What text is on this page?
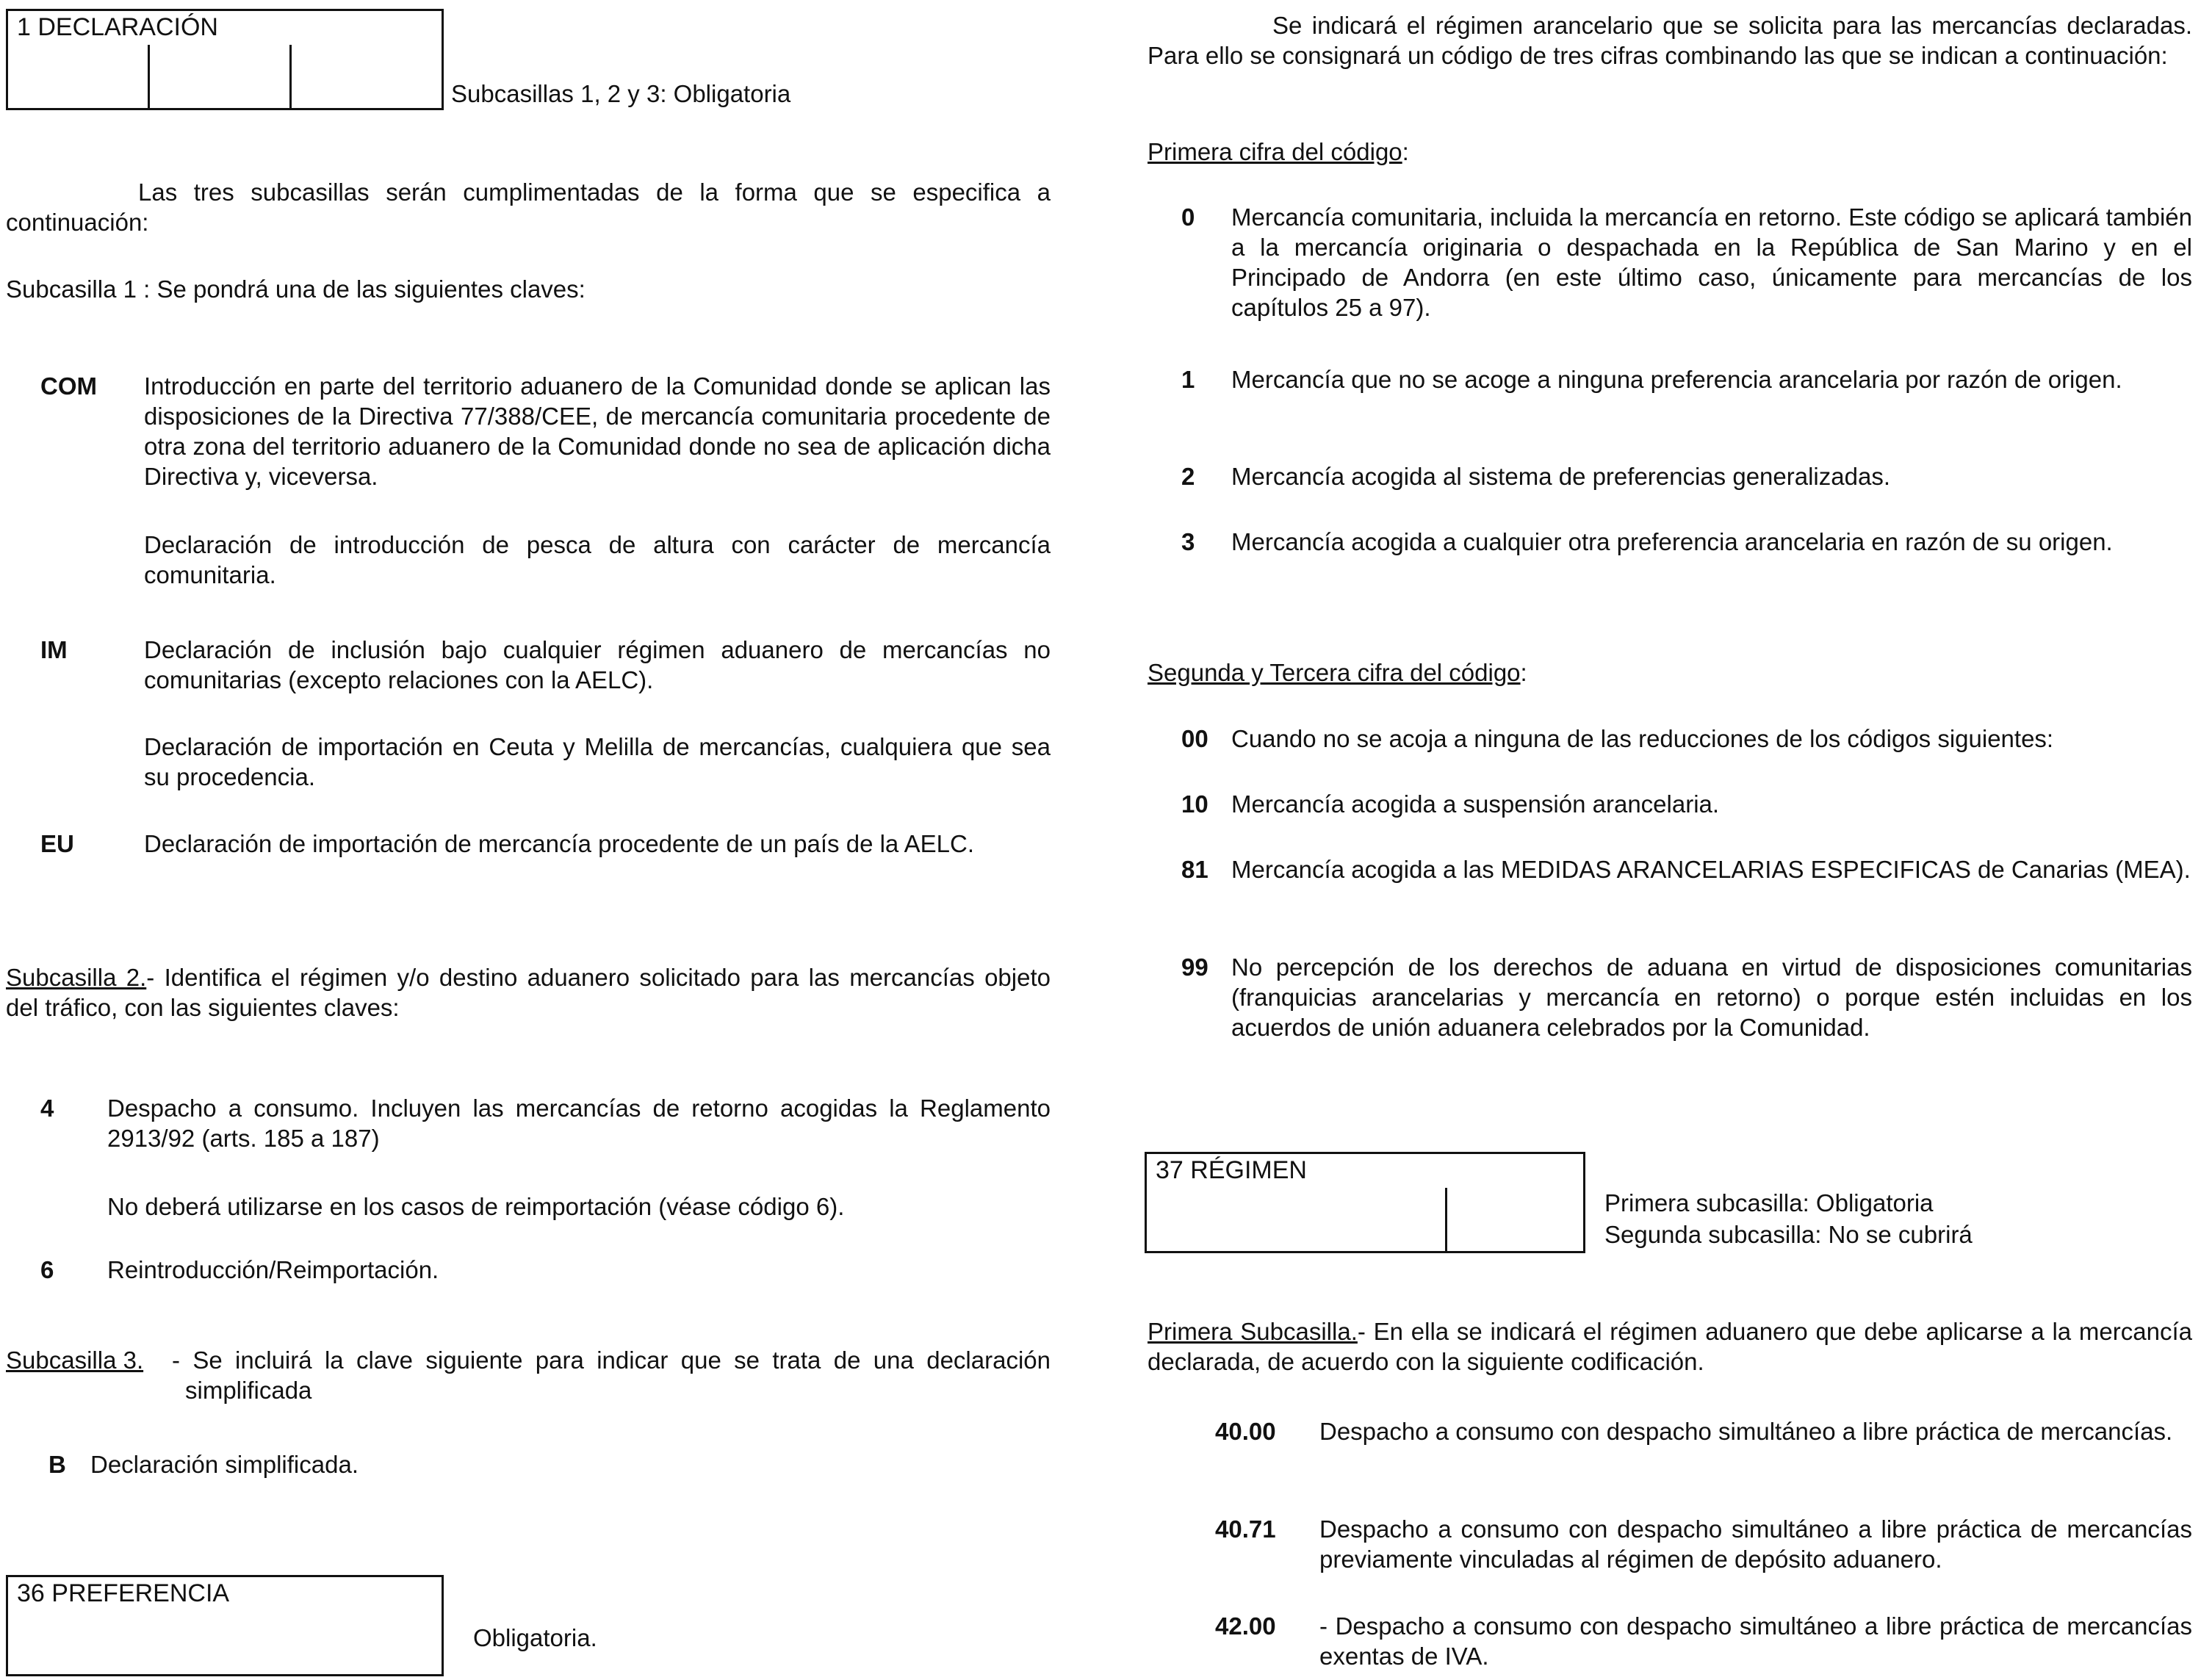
1 DECLARACIÓN
Subcasillas 1, 2 y 3: Obligatoria
Las tres subcasillas serán cumplimentadas de la forma que se especifica a continuación:
Subcasilla 1 : Se pondrá una de las siguientes claves:
COM Introducción en parte del territorio aduanero de la Comunidad donde se aplican las disposiciones de la Directiva 77/388/CEE, de mercancía comunitaria procedente de otra zona del territorio aduanero de la Comunidad donde no sea de aplicación dicha Directiva y, viceversa.
Declaración de introducción de pesca de altura con carácter de mercancía comunitaria.
IM	Declaración de inclusión bajo cualquier régimen aduanero de mercancías no comunitarias (excepto relaciones con la AELC).
Declaración de importación en Ceuta y Melilla de mercancías, cualquiera que sea su procedencia.
EU	Declaración de importación de mercancía procedente de un país de la AELC.
Subcasilla 2.- Identifica el régimen y/o destino aduanero solicitado para las mercancías objeto del tráfico, con las siguientes claves:
4 Despacho a consumo. Incluyen las mercancías de retorno acogidas la Reglamento 2913/92 (arts. 185 a 187)
No deberá utilizarse en los casos de reimportación (véase código 6).
6 Reintroducción/Reimportación.
Subcasilla 3. - Se incluirá la clave siguiente para indicar que se trata de una declaración simplificada
B Declaración simplificada.
36 PREFERENCIA
Obligatoria.
Se indicará el régimen arancelario que se solicita para las mercancías declaradas. Para ello se consignará un código de tres cifras combinando las que se indican a continuación:
Primera cifra del código:
0 Mercancía comunitaria, incluida la mercancía en retorno. Este código se aplicará también a la mercancía originaria o despachada en la República de San Marino y en el Principado de Andorra (en este último caso, únicamente para mercancías de los capítulos 25 a 97).
1 Mercancía que no se acoge a ninguna preferencia arancelaria por razón de origen.
2 Mercancía acogida al sistema de preferencias generalizadas.
3 Mercancía acogida a cualquier otra preferencia arancelaria en razón de su origen.
Segunda y Tercera cifra del código:
00 Cuando no se acoja a ninguna de las reducciones de los códigos siguientes:
10 Mercancía acogida a suspensión arancelaria.
81 Mercancía acogida a las MEDIDAS ARANCELARIAS ESPECIFICAS de Canarias (MEA).
99 No percepción de los derechos de aduana en virtud de disposiciones comunitarias (franquicias arancelarias y mercancía en retorno) o porque estén incluidas en los acuerdos de unión aduanera celebrados por la Comunidad.
37 RÉGIMEN
Primera subcasilla: Obligatoria
Segunda subcasilla: No se cubrirá
Primera Subcasilla.- En ella se indicará el régimen aduanero que debe aplicarse a la mercancía declarada, de acuerdo con la siguiente codificación.
40.00 Despacho a consumo con despacho simultáneo a libre práctica de mercancías.
40.71 Despacho a consumo con despacho simultáneo a libre práctica de mercancías previamente vinculadas al régimen de depósito aduanero.
42.00 - Despacho a consumo con despacho simultáneo a libre práctica de mercancías exentas de IVA.
